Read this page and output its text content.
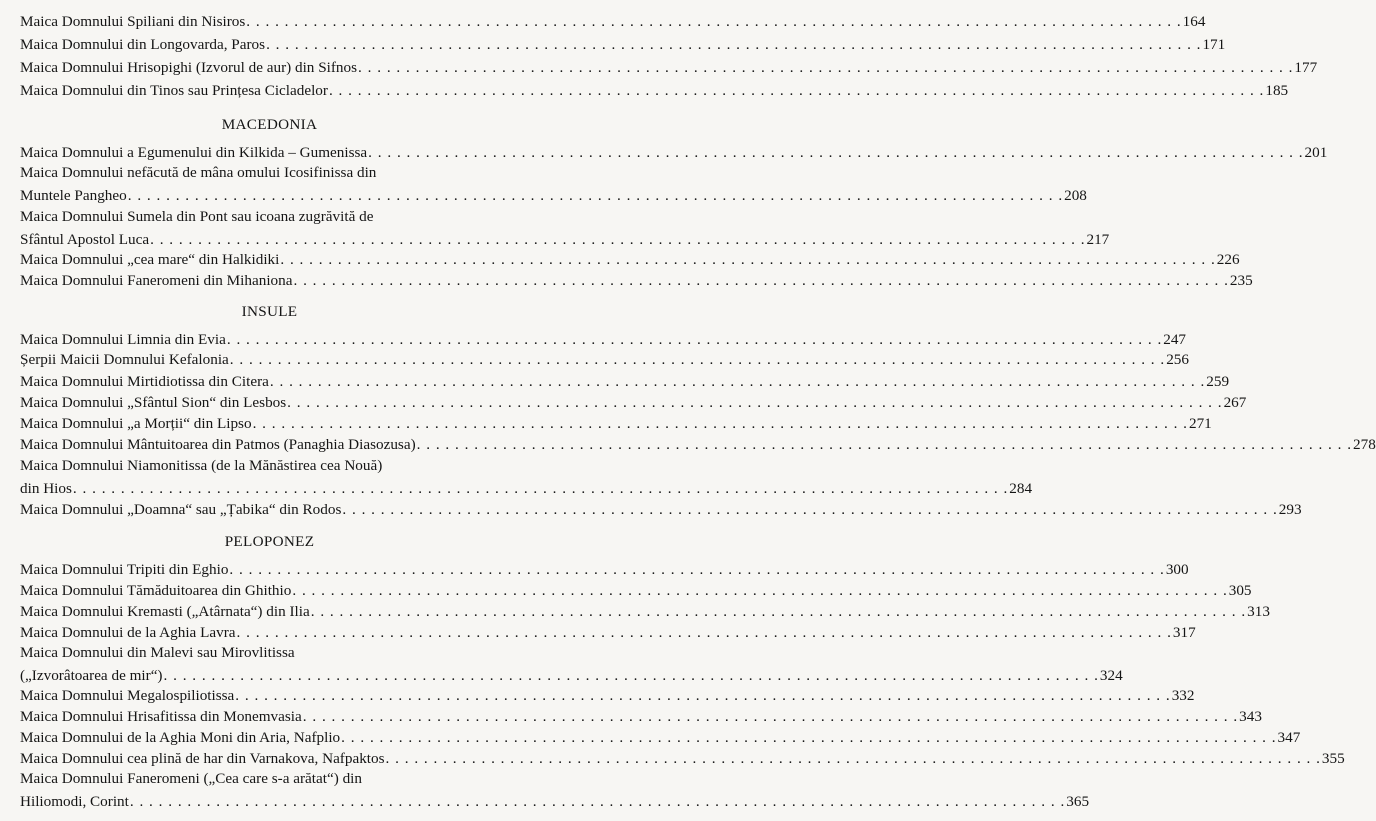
Maica Domnului Spiliani din Nisiros . . .	164
Maica Domnului din Longovarda, Paros . . .	171
Maica Domnului Hrisopighi (Izvorul de aur) din Sifnos . . .	177
Maica Domnului din Tinos sau Prințesa Cicladelor . . .	185
MACEDONIA
Maica Domnului a Egumenului din Kilkida – Gumenissa . . .	201
Maica Domnului nefăcută de mâna omului Icosifinissa din
Muntele Pangheo . . .	208
Maica Domnului Sumela din Pont sau icoana zugrăvită de
Sfântul Apostol Luca . . .	217
Maica Domnului „cea mare“ din Halkidiki . . .	226
Maica Domnului Faneromeni din Mihaniona . . .	235
INSULE
Maica Domnului Limnia din Evia . . .	247
Șerpii Maicii Domnului Kefalonia . . .	256
Maica Domnului Mirtidiotissa din Citera . . .	259
Maica Domnului „Sfântul Sion“ din Lesbos . . .	267
Maica Domnului „a Morții“ din Lipso . . .	271
Maica Domnului Mântuitoarea din Patmos (Panaghia Diasozusa) . . .	278
Maica Domnului Niamonitissa (de la Mănăstirea cea Nouă)
din Hios . . .	284
Maica Domnului „Doamna“ sau „Țabika“ din Rodos . . .	293
PELOPONEZ
Maica Domnului Tripiti din Eghio . . .	300
Maica Domnului Tămăduitoarea din Ghithio . . .	305
Maica Domnului Kremasti („Atârnata“) din Ilia . . .	313
Maica Domnului de la Aghia Lavra . . .	317
Maica Domnului din Malevi sau Mirovlitissa
(„Izvorâtoarea de mir“) . . .	324
Maica Domnului Megalospiliotissa . . .	332
Maica Domnului Hrisafitissa din Monemvasia . . .	343
Maica Domnului de la Aghia Moni din Aria, Nafplio . . .	347
Maica Domnului cea plină de har din Varnakova, Nafpaktos . . .	355
Maica Domnului Faneromeni („Cea care s-a arătat“) din
Hiliomodi, Corint . . .	365
